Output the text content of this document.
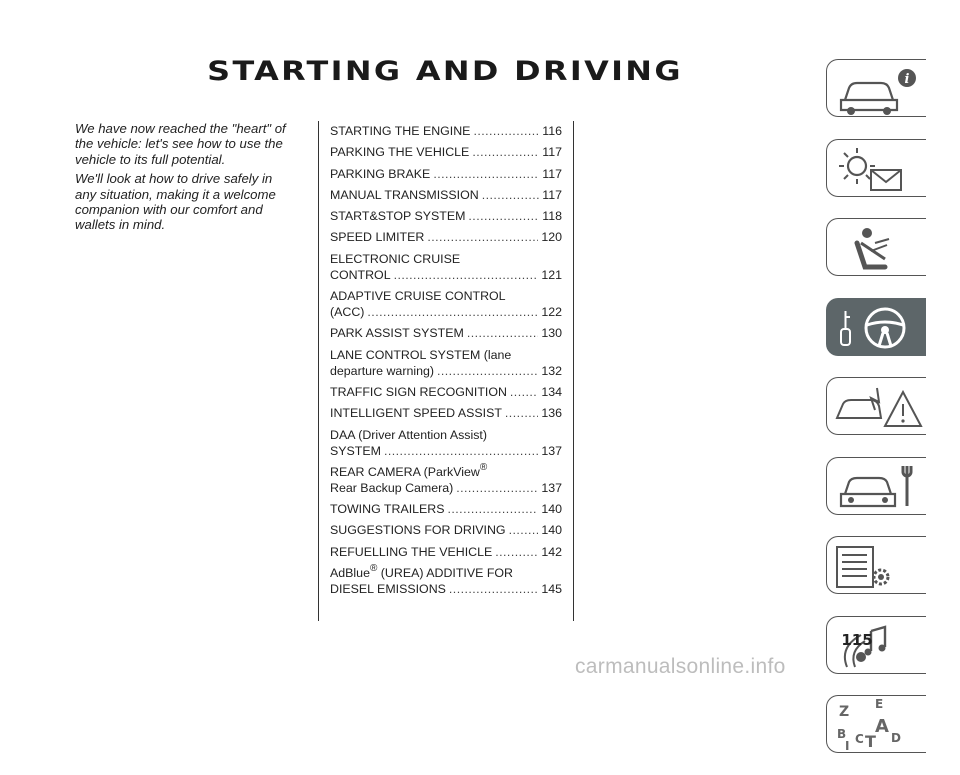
STARTING AND DRIVING

We have now reached the "heart" of the vehicle: let's see how to use the vehicle to its full potential.

We'll look at how to drive safely in any situation, making it a welcome companion with our comfort and wallets in mind.

STARTING THE ENGINE . . .	116
PARKING THE VEHICLE . . .	117
PARKING BRAKE . . .	117
MANUAL TRANSMISSION . . .	117
START&STOP SYSTEM . . .	118
SPEED LIMITER . . .	120
ELECTRONIC CRUISE
CONTROL . . .	121
ADAPTIVE CRUISE CONTROL
(ACC) . . .	122
PARK ASSIST SYSTEM . . .	130
LANE CONTROL SYSTEM (lane
departure warning) . . .	132
TRAFFIC SIGN RECOGNITION . . .	134
INTELLIGENT SPEED ASSIST . . .	136
DAA (Driver Attention Assist)
SYSTEM . . .	137
REAR CAMERA (ParkView®
Rear Backup Camera) . . .	137
TOWING TRAILERS . . .	140
SUGGESTIONS FOR DRIVING . . .	140
REFUELLING THE VEHICLE . . .	142
AdBlue® (UREA) ADDITIVE FOR
DIESEL EMISSIONS . . .	145
i
Z E
A
B C T D
I
115
carmanualsonline.info
